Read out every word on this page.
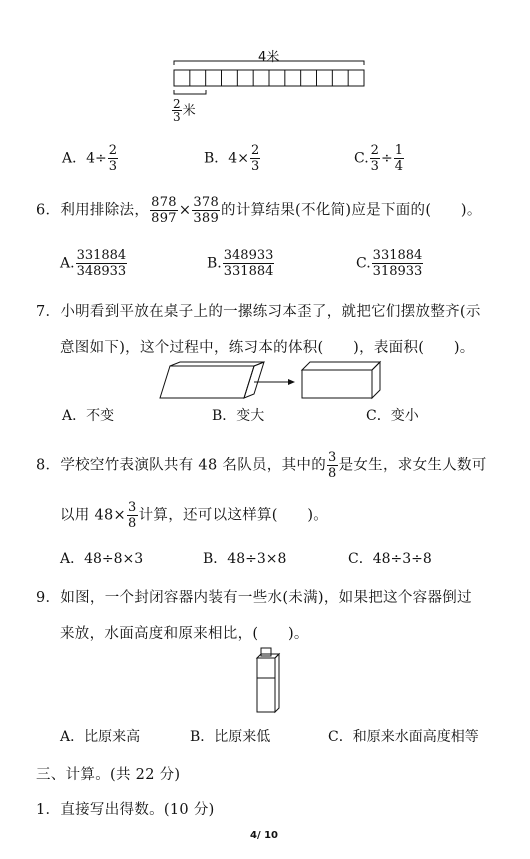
4米
$\frac{2}{3}$ 米
A．$4\div \frac{2}{3}$	B．$4\times \frac{2}{3}$	C. $\frac{2}{3} \div \frac{1}{4}$
6．利用排除法， $\frac{878}{897} \times \frac{378}{389}$ 的计算结果(不化简)应是下面的(　　)。
A. $\frac{331884}{348933}$	B. $\frac{348933}{331884}$	C. $\frac{331884}{318933}$
7．小明看到平放在桌子上的一摞练习本歪了，就把它们摆放整齐(示
意图如下)，这个过程中，练习本的体积(　　)，表面积(　　)。
A．不变	B．变大	C．变小
8．学校空竹表演队共有 48 名队员，其中的 $\frac{3}{8}$ 是女生，求女生人数可
以用 $48\times \frac{3}{8}$ 计算，还可以这样算(　　)。
A．48÷8×3	B．48÷3×8	C．48÷3÷8
9．如图，一个封闭容器内装有一些水(未满)，如果把这个容器倒过
来放，水面高度和原来相比，(　　)。
A．比原来高	B．比原来低	C．和原来水面高度相等
三、计算。(共 22 分)
1．直接写出得数。(10 分)
4/ 10
